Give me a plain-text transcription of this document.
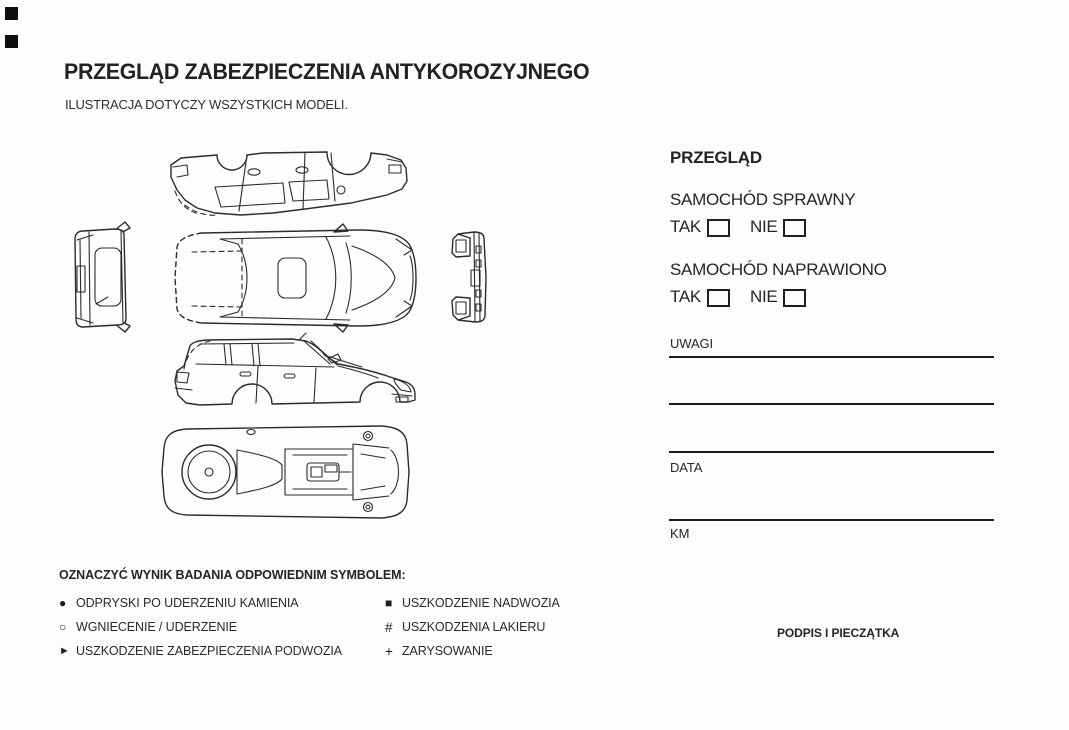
PRZEGLĄD ZABEZPIECZENIA ANTYKOROZYJNEGO
ILUSTRACJA DOTYCZY WSZYSTKICH MODELI.
OZNACZYĆ WYNIK BADANIA ODPOWIEDNIM SYMBOLEM:
● ODPRYSKI PO UDERZENIU KAMIENIA
○ WGNIECENIE / UDERZENIE
► USZKODZENIE ZABEZPIECZENIA PODWOZIA
■ USZKODZENIE NADWOZIA
# USZKODZENIA LAKIERU
+ ZARYSOWANIE
PRZEGLĄD
SAMOCHÓD SPRAWNY
TAK	NIE
SAMOCHÓD NAPRAWIONO
TAK	NIE
UWAGI
DATA
KM
PODPIS I PIECZĄTKA
